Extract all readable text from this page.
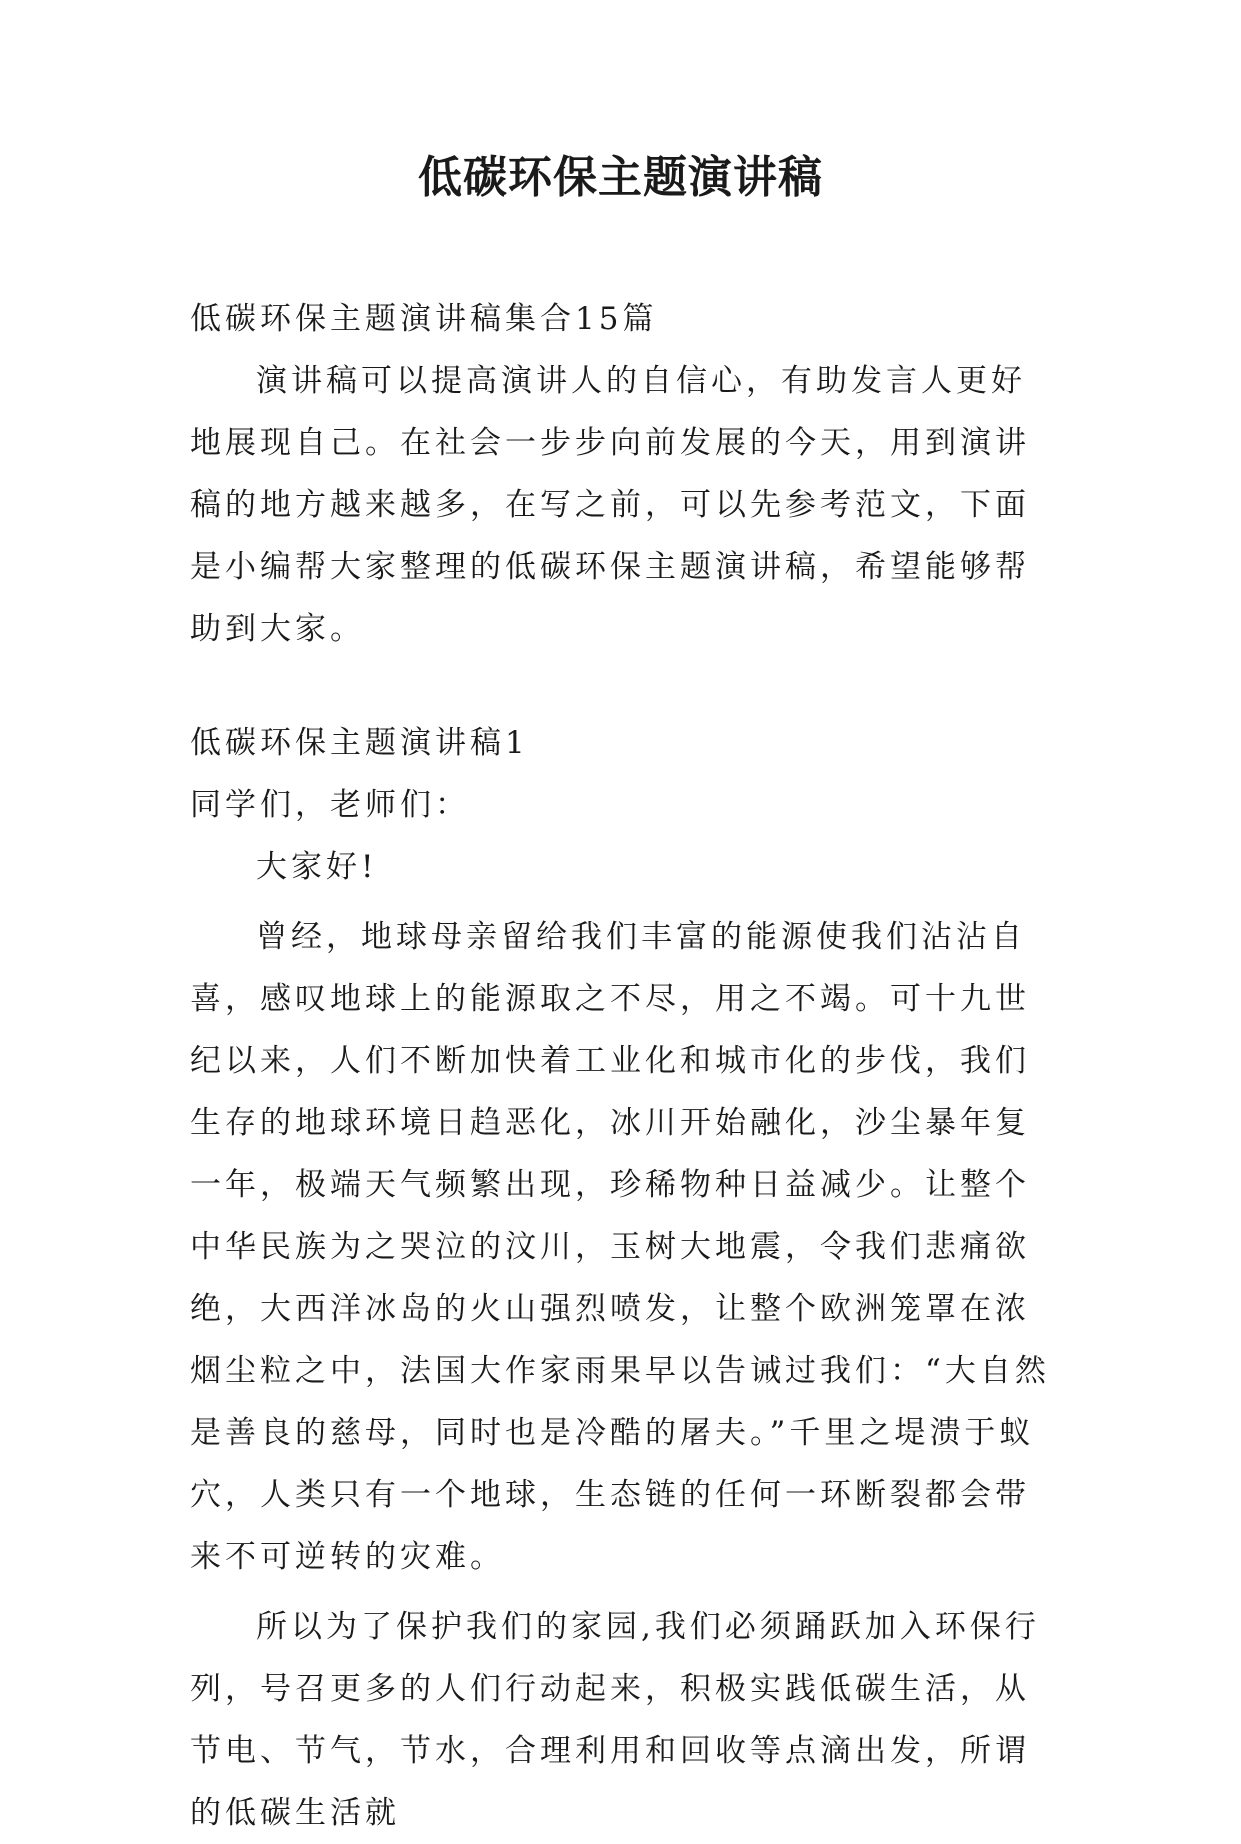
低碳环保主题演讲稿

低碳环保主题演讲稿集合15篇

演讲稿可以提高演讲人的自信心，有助发言人更好地展现自己。在社会一步步向前发展的今天，用到演讲稿的地方越来越多，在写之前，可以先参考范文，下面是小编帮大家整理的低碳环保主题演讲稿，希望能够帮助到大家。

低碳环保主题演讲稿1

同学们，老师们：

大家好!

曾经，地球母亲留给我们丰富的能源使我们沾沾自喜，感叹地球上的能源取之不尽，用之不竭。可十九世纪以来，人们不断加快着工业化和城市化的步伐，我们生存的地球环境日趋恶化，冰川开始融化，沙尘暴年复一年，极端天气频繁出现，珍稀物种日益减少。让整个中华民族为之哭泣的汶川，玉树大地震，令我们悲痛欲绝，大西洋冰岛的火山强烈喷发，让整个欧洲笼罩在浓烟尘粒之中，法国大作家雨果早以告诫过我们：“大自然是善良的慈母，同时也是冷酷的屠夫。”千里之堤溃于蚁穴，人类只有一个地球，生态链的任何一环断裂都会带来不可逆转的灾难。

所以为了保护我们的家园,我们必须踊跃加入环保行列，号召更多的人们行动起来，积极实践低碳生活，从节电、节气，节水，合理利用和回收等点滴出发，所谓的低碳生活就
